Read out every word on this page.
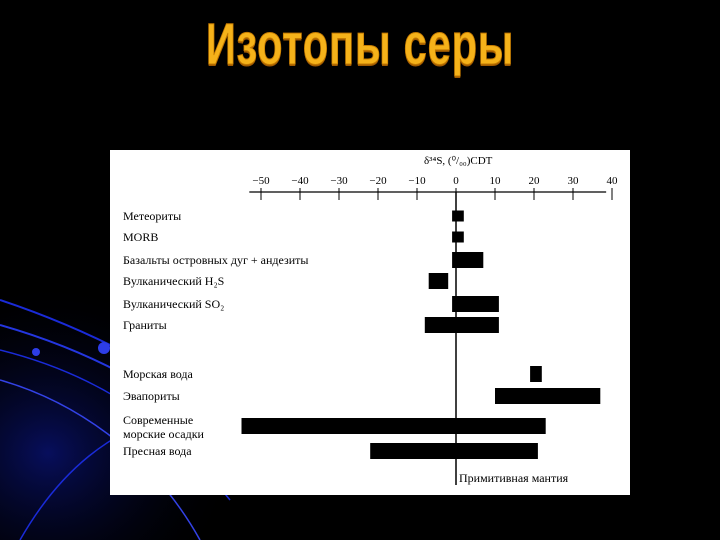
Изотопы серы
δ³⁴S, (⁰/₀₀)CDT
−50 −40 −30 −20 −10	0	10	20	30	40
Примитивная мантия
Метеориты
MORB
Базальты островных дуг + андезиты
Вулканический H₂S
Вулканический SO₂
Граниты
Морская вода
Эвапориты
Современные
морские осадки
Пресная вода
